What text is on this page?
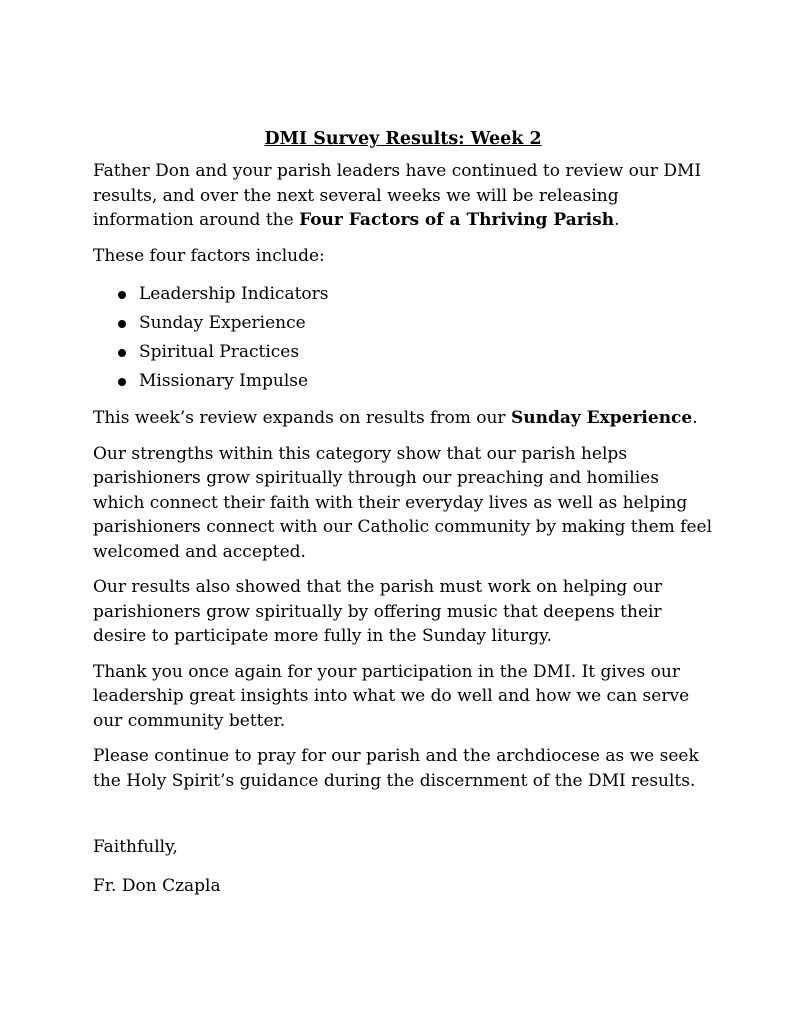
DMI Survey Results: Week 2

Father Don and your parish leaders have continued to review our DMI results, and over the next several weeks we will be releasing information around the Four Factors of a Thriving Parish.

These four factors include:

Leadership Indicators
Sunday Experience
Spiritual Practices
Missionary Impulse

This week’s review expands on results from our Sunday Experience.

Our strengths within this category show that our parish helps parishioners grow spiritually through our preaching and homilies which connect their faith with their everyday lives as well as helping parishioners connect with our Catholic community by making them feel welcomed and accepted.

Our results also showed that the parish must work on helping our parishioners grow spiritually by offering music that deepens their desire to participate more fully in the Sunday liturgy.

Thank you once again for your participation in the DMI. It gives our leadership great insights into what we do well and how we can serve our community better.

Please continue to pray for our parish and the archdiocese as we seek the Holy Spirit’s guidance during the discernment of the DMI results.

Faithfully,

Fr. Don Czapla
